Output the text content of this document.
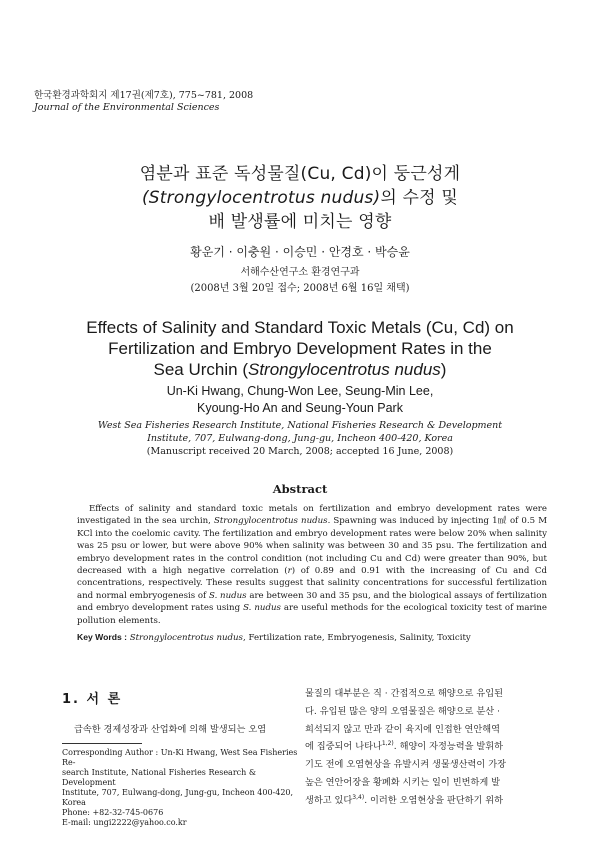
한국환경과학회지 제17권(제7호), 775~781, 2008
Journal of the Environmental Sciences
염분과 표준 독성물질(Cu, Cd)이 둥근성게
(Strongylocentrotus nudus)의 수정 및
배 발생률에 미치는 영향
황운기 · 이충원 · 이승민 · 안경호 · 박승윤
서해수산연구소 환경연구과
(2008년 3월 20일 접수; 2008년 6월 16일 채택)
Effects of Salinity and Standard Toxic Metals (Cu, Cd) on
Fertilization and Embryo Development Rates in the
Sea Urchin (Strongylocentrotus nudus)
Un-Ki Hwang, Chung-Won Lee, Seung-Min Lee,
Kyoung-Ho An and Seung-Youn Park
West Sea Fisheries Research Institute, National Fisheries Research & Development
Institute, 707, Eulwang-dong, Jung-gu, Incheon 400-420, Korea
(Manuscript received 20 March, 2008; accepted 16 June, 2008)
Abstract

Effects of salinity and standard toxic metals on fertilization and embryo development rates were investigated in the sea urchin, Strongylocentrotus nudus. Spawning was induced by injecting 1㎖ of 0.5 M KCl into the coelomic cavity. The fertilization and embryo development rates were below 20% when salinity was 25 psu or lower, but were above 90% when salinity was between 30 and 35 psu. The fertilization and embryo development rates in the control condition (not including Cu and Cd) were greater than 90%, but decreased with a high negative correlation (r) of 0.89 and 0.91 with the increasing of Cu and Cd concentrations, respectively. These results suggest that salinity concentrations for successful fertilization and normal embryogenesis of S. nudus are between 30 and 35 psu, and the biological assays of fertilization and embryo development rates using S. nudus are useful methods for the ecological toxicity test of marine pollution elements.

Key Words : Strongylocentrotus nudus, Fertilization rate, Embryogenesis, Salinity, Toxicity
1. 서 론

급속한 경제성장과 산업화에 의해 발생되는 오염

Corresponding Author : Un-Ki Hwang, West Sea Fisheries Re-
search Institute, National Fisheries Research & Development
Institute, 707, Eulwang-dong, Jung-gu, Incheon 400-420, Korea
Phone: +82-32-745-0676
E-mail: ungi2222@yahoo.co.kr
물질의 대부분은 직 · 간접적으로 해양으로 유입된
다. 유입된 많은 양의 오염물질은 해양으로 분산 ·
희석되지 않고 만과 같이 육지에 인접한 연안해역
에 집중되어 나타나$^{1,2)}$. 해양이 자정능력을 발휘하
기도 전에 오염현상을 유발시켜 생물생산력이 가장
높은 연안어장을 황폐화 시키는 일이 빈번하게 발
생하고 있다$^{3,4)}$. 이러한 오염현상을 판단하기 위하
